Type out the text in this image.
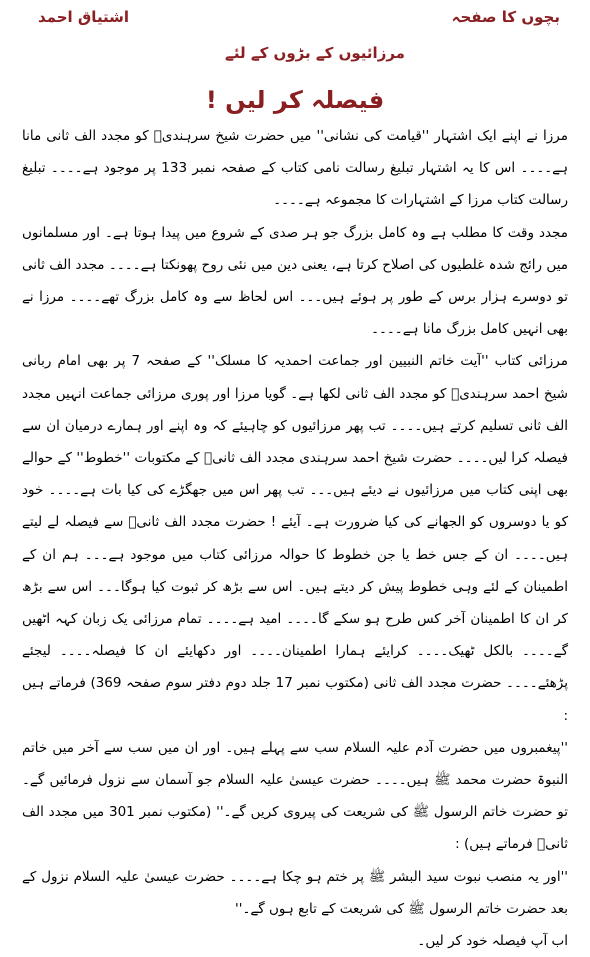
اشتیاق احمد	بچوں کا صفحہ
مرزائیوں کے بڑوں کے لئے
فیصلہ کر لیں !

مرزا نے اپنے ایک اشتہار ''قیامت کی نشانی'' میں حضرت شیخ سرہندیؒ کو مجدد الف ثانی مانا ہے۔۔۔۔ اس کا یہ اشتہار تبلیغ رسالت نامی کتاب کے صفحہ نمبر 133 پر موجود ہے۔۔۔۔ تبلیغ رسالت کتاب مرزا کے اشتہارات کا مجموعہ ہے۔۔۔۔

مجدد وقت کا مطلب ہے وہ کامل بزرگ جو ہر صدی کے شروع میں پیدا ہوتا ہے۔ اور مسلمانوں میں رائج شدہ غلطیوں کی اصلاح کرتا ہے، یعنی دین میں نئی روح پھونکتا ہے۔۔۔۔ مجدد الف ثانی تو دوسرے ہزار برس کے طور پر ہوئے ہیں۔۔۔ اس لحاظ سے وہ کامل بزرگ تھے۔۔۔۔ مرزا نے بھی انہیں کامل بزرگ مانا ہے۔۔۔۔

مرزائی کتاب ''آیت خاتم النبیین اور جماعت احمدیہ کا مسلک'' کے صفحہ 7 پر بھی امام ربانی شیخ احمد سرہندیؒ کو مجدد الف ثانی لکھا ہے۔ گویا مرزا اور پوری مرزائی جماعت انہیں مجدد الف ثانی تسلیم کرتے ہیں۔۔۔۔ تب پھر مرزائیوں کو چاہیئے کہ وہ اپنے اور ہمارے درمیان ان سے فیصلہ کرا لیں۔۔۔۔ حضرت شیخ احمد سرہندی مجدد الف ثانیؒ کے مکتوبات ''خطوط'' کے حوالے بھی اپنی کتاب میں مرزائیوں نے دیئے ہیں۔۔۔ تب پھر اس میں جھگڑے کی کیا بات ہے۔۔۔۔ خود کو یا دوسروں کو الجھانے کی کیا ضرورت ہے۔ آیئے ! حضرت مجدد الف ثانیؒ سے فیصلہ لے لیتے ہیں۔۔۔۔ ان کے جس خط یا جن خطوط کا حوالہ مرزائی کتاب میں موجود ہے۔۔۔ ہم ان کے اطمینان کے لئے وہی خطوط پیش کر دیتے ہیں۔ اس سے بڑھ کر ثبوت کیا ہوگا۔۔۔ اس سے بڑھ کر ان کا اطمینان آخر کس طرح ہو سکے گا۔۔۔۔ امید ہے۔۔۔۔ تمام مرزائی یک زبان کہہ اٹھیں گے۔۔۔۔ بالکل ٹھیک۔۔۔۔ کرایئے ہمارا اطمینان۔۔۔۔ اور دکھایئے ان کا فیصلہ۔۔۔۔ لیجئے پڑھئے۔۔۔۔ حضرت مجدد الف ثانی (مکتوب نمبر 17 جلد دوم دفتر سوم صفحہ 369) فرماتے ہیں :

''پیغمبروں میں حضرت آدم علیہ السلام سب سے پہلے ہیں۔ اور ان میں سب سے آخر میں خاتم النبوۃ حضرت محمد ﷺ ہیں۔۔۔۔ حضرت عیسیٰ علیہ السلام جو آسمان سے نزول فرمائیں گے۔ تو حضرت خاتم الرسول ﷺ کی شریعت کی پیروی کریں گے۔'' (مکتوب نمبر 301 میں مجدد الف ثانیؒ فرماتے ہیں) :

''اور یہ منصب نبوت سید البشر ﷺ پر ختم ہو چکا ہے۔۔۔۔ حضرت عیسیٰ علیہ السلام نزول کے بعد حضرت خاتم الرسول ﷺ کی شریعت کے تابع ہوں گے۔''

اب آپ فیصلہ خود کر لیں۔
